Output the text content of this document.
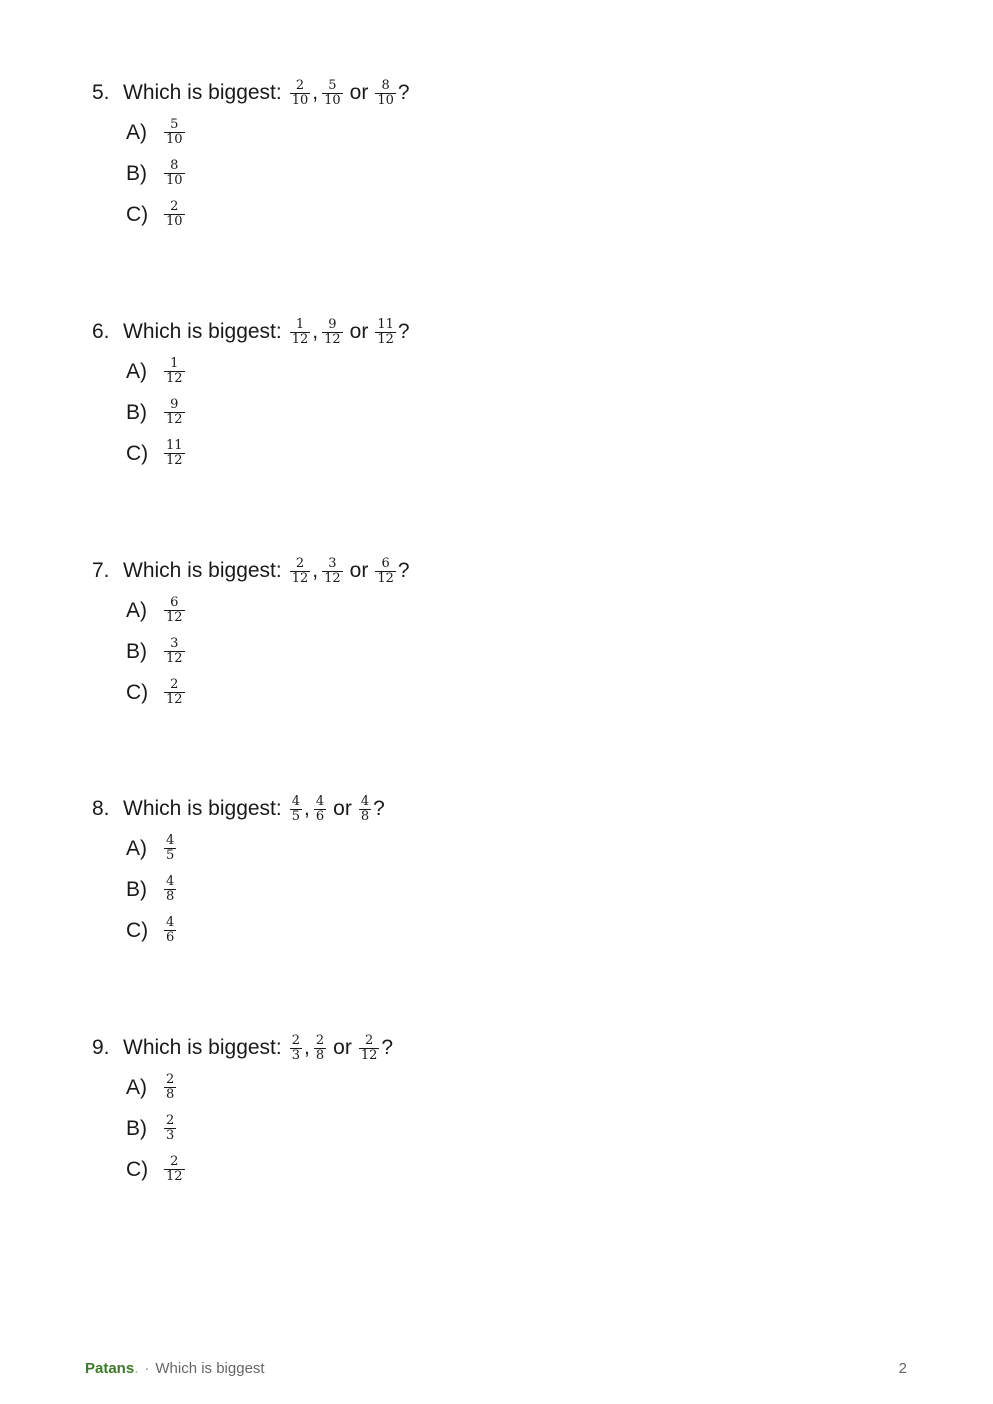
5. Which is biggest: $\frac{2}{10}$ , $\frac{5}{10}$ or $\frac{8}{10}$ ?
A)	$\frac{5}{10}$
B)	$\frac{8}{10}$
C)	$\frac{2}{10}$
6. Which is biggest: $\frac{1}{12}$ , $\frac{9}{12}$ or $\frac{11}{12}$ ?
A)	$\frac{1}{12}$
B)	$\frac{9}{12}$
C)	$\frac{11}{12}$
7. Which is biggest: $\frac{2}{12}$ , $\frac{3}{12}$ or $\frac{6}{12}$ ?
A)	$\frac{6}{12}$
B)	$\frac{3}{12}$
C)	$\frac{2}{12}$
8. Which is biggest: $\frac{4}{5}$ , $\frac{4}{6}$ or $\frac{4}{8}$ ?
A)	$\frac{4}{5}$
B)	$\frac{4}{8}$
C)	$\frac{4}{6}$
9. Which is biggest: $\frac{2}{3}$ , $\frac{2}{8}$ or $\frac{2}{12}$ ?
A)	$\frac{2}{8}$
B)	$\frac{2}{3}$
C)	$\frac{2}{12}$
Patans. · Which is biggest	2
